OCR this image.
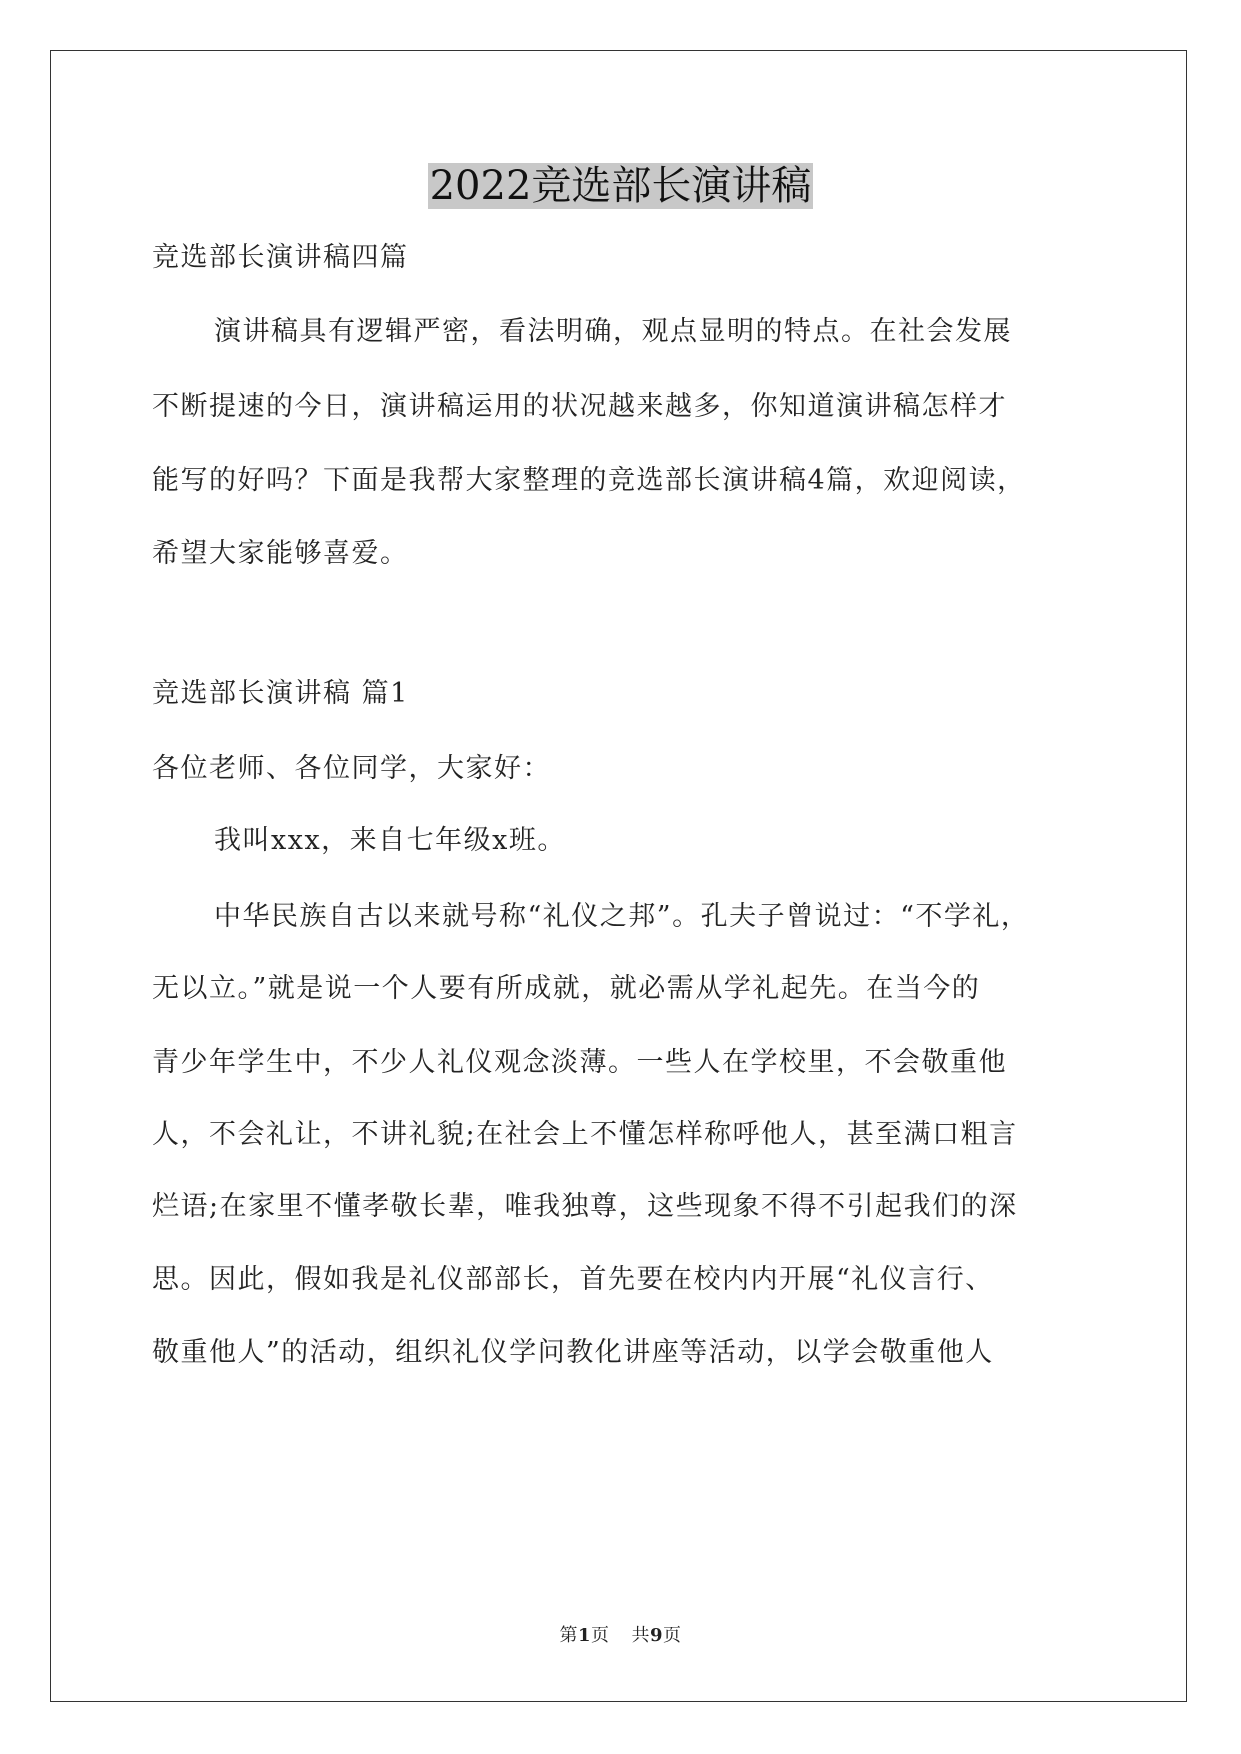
2022竞选部长演讲稿
竞选部长演讲稿四篇
演讲稿具有逻辑严密，看法明确，观点显明的特点。在社会发展
不断提速的今日，演讲稿运用的状况越来越多，你知道演讲稿怎样才
能写的好吗？下面是我帮大家整理的竞选部长演讲稿4篇，欢迎阅读，
希望大家能够喜爱。
竞选部长演讲稿 篇1
各位老师、各位同学，大家好：
我叫xxx，来自七年级x班。
中华民族自古以来就号称“礼仪之邦”。孔夫子曾说过：“不学礼，
无以立。”就是说一个人要有所成就，就必需从学礼起先。在当今的
青少年学生中，不少人礼仪观念淡薄。一些人在学校里，不会敬重他
人，不会礼让，不讲礼貌;在社会上不懂怎样称呼他人，甚至满口粗言
烂语;在家里不懂孝敬长辈，唯我独尊，这些现象不得不引起我们的深
思。因此，假如我是礼仪部部长，首先要在校内内开展“礼仪言行、
敬重他人”的活动，组织礼仪学问教化讲座等活动，以学会敬重他人
第1页 共9页
